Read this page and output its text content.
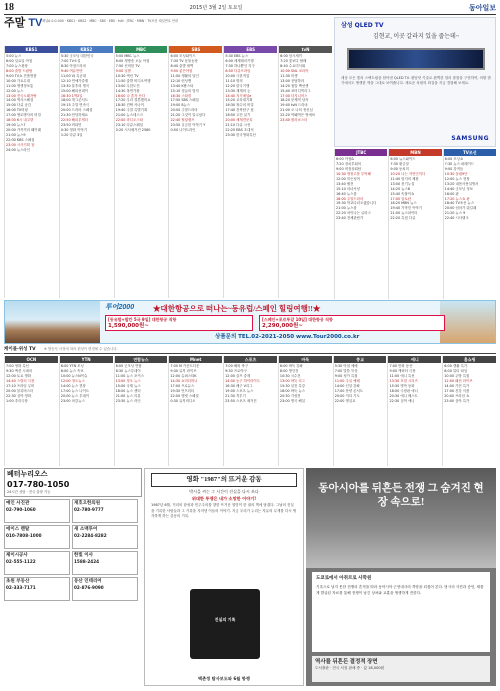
18	2015년 3월 2일 토요일	동아일보
주말 TV 채널A 0-0-000 · KBS1 · KBS2 · MBC · SBS · EBS · tvN · JTBC · MBN · TV조선 채널번호 안내
KBS1
5:00 뉴스
6:00 일요일 아침
7:00 뉴스광장
8:00 출발 드림팀
9:00 TV쇼 진품명품
10:00 가요무대
11:00 생생정보통
12:00 뉴스
13:00 전국노래자랑
14:00 역사스페셜
15:00 다큐 공감
16:00 TV비평
17:00 생로병사의 비밀
18:00 6시 내고향
19:00 뉴스7
20:00 가족끼리 왜이래
21:00 뉴스9
22:00 KBS 스페셜
23:00 시사기획 창
24:00 뉴스라인
KBS2
5:30 굿모닝 대한민국
7:00 TV소설
8:30 아침드라마
9:40 여유만만
11:00 VJ 특공대
12:10 연예가중계
13:30 불후의 명곡
15:00 해피선데이
16:30 1박2일
18:00 개그콘서트
19:15 주말 연속극
20:00 드라마 스페셜
21:30 안녕하세요
22:50 해피투게더
23:50 비타민
0:30 영화 이야기
1:20 다큐 3일
MBC
5:00 MBC 뉴스
6:00 생방송 오늘 아침
7:50 신비한 TV
9:00 일밤
10:30 섹션 TV
11:50 출발 비디오여행
13:00 무한도전
14:30 복면가왕
16:00 나 혼자 산다
17:20 우리 결혼했어요
18:30 진짜 사나이
19:40 주말 특별기획
21:00 뉴스데스크
22:00 라디오스타
23:10 다큐스페셜
0:20 시사매거진 2580
SBS
6:00 모닝와이드
7:30 TV 동물농장
8:40 출발 새벽
9:50 좋은아침
11:00 생활의 달인
12:10 런닝맨
13:40 K팝스타
15:10 정글의 법칙
16:30 스타킹
17:50 SBS 스페셜
19:00 8뉴스
20:00 주말드라마
21:20 그것이 알고싶다
22:40 힐링캠프
23:50 궁금한 이야기 Y
0:50 나이트라인
EBS
5:30 EBS 뉴스
6:00 세계테마기행
7:30 하나뿐인 지구
8:50 다큐프라임
10:00 극한직업
11:10 명의
12:20 한국기행
13:30 세계의 눈
14:40 지식채널e
15:20 교육대기획
16:30 장수의 비밀
17:40 건축탐구 집
18:50 고전 읽기
20:00 세계견문록
21:10 다큐 시선
22:20 EBS 초대석
23:30 한국영화특선
tvN
6:00 삼시세끼
7:20 꽃보다 할배
8:40 수요미식회
10:00 SNL 코리아
11:30 미생
13:00 응답하라
14:20 집밥 백선생
15:40 코미디빅리그
17:00 더지니어스
18:20 문제적 남자
19:40 tvN 드라마
21:00 오 나의 귀신님
22:20 막돼먹은 영애씨
23:40 롤러코스터
삼성 QLED TV
김현교, 이곳 갈라지 있을 줍는데~
세상 모든 빛의 스펙트럼을 담아낸 QLED TV. 퀀텀닷 기술로 완벽한 컬러 볼륨을 구현하여, 어떤 밝기에서도 생생한 색을 그대로 보여줍니다. 새로운 차원의 화질을 지금 경험해 보세요.
SAMSUNG
JTBC
6:00 아침&
7:20 정치부회의
9:00 비정상회담
10:30 냉장고를 부탁해
12:00 히든싱어
13:40 썰전
15:10 마녀사냥
16:40 뉴스룸
18:00 주말드라마
19:30 학교다녀오겠습니다
21:00 뉴스룸
22:20 차이나는 클라스
23:40 전체관람가
MBN
6:00 뉴스와이드
7:30 황금알
9:00 동치미
10:20 나는 자연인이다
11:40 엄지의 제왕
13:00 천기누설
14:20 뉴스8
15:40 속풀이쇼
17:00 알토란
18:20 MBN 뉴스
19:40 기막힌 이야기
21:00 뉴스파이터
22:20 특집 다큐
TV조선
6:00 모닝쇼
7:30 뉴스 퍼레이드
9:00 강적들
10:30 살림9단
12:00 뉴스 현장
13:20 내몸사용설명서
14:40 굿모닝 정보
16:00 판
17:20 뉴스쇼 판
18:40 TV조선 뉴스
20:00 엄마가 뭐길래
21:20 뉴스 9
22:40 시사탱크
투어2000	★대한항공으로 떠나는~동유럽/스페인 힐링여행!!★
[동유럽+발칸 5국 9일] 대한항공 직항
1,590,000원~
[스페인+포르투갈 10일] 대한항공 직항
2,290,000원~
상품문의 TEL.02-2021-2050 www.Tour2000.co.kr
케이블·위성 TV ※ 방송사 사정에 따라 편성이 변경될 수 있습니다.
OCN
7:00 영화 특선
9:30 액션 시네마
12:00 토요 명화
14:40 스릴러 극장
17:10 프라임 무비
20:00 블록버스터
22:30 심야 영화
1:00 추리극장
YTN
6:00 YTN 모닝
8:00 뉴스 속보
10:00 뉴스N이슈
12:00 정오뉴스
14:00 뉴스 현장
17:00 뉴스 나이트
20:00 뉴스 투데이
23:00 마감뉴스
연합뉴스
6:00 굿모닝 연합
8:30 뉴스투데이
11:00 뉴스 포커스
13:00 정오 뉴스
15:00 국제 뉴스
18:00 뉴스 센터
21:00 뉴스 리뷰
23:30 뉴스 라인
Mnet
7:00 M 카운트다운
9:30 뮤직 라이브
12:00 슈퍼스타K
14:30 쇼미더머니
17:00 프로듀스
19:30 언프리티
22:00 엠넷 스페셜
0:30 뮤직비디오
스포츠
7:00 해외 축구
9:30 프로야구
12:00 골프 중계
14:00 농구 하이라이트
16:30 배구 V리그
19:00 스포츠 뉴스
21:30 격투기
23:50 스포츠 매거진
바둑
6:00 바둑 강좌
8:00 명인전
10:30 국수전
13:00 바둑 리그
15:30 실전 특강
18:00 바둑 뉴스
20:30 기성전
23:00 명국 해설
종교
5:30 아침 예배
7:00 말씀 묵상
9:00 성가 특집
11:00 주일 예배
14:00 신앙 강좌
17:00 찬양 콘서트
20:00 저녁 기도
22:00 명설교
애니
7:00 만화 동산
9:00 캐릭터 극장
11:00 애니 특선
13:30 모험 시리즈
15:30 명작 동화
18:00 극장판 애니
20:30 애니 베스트
22:30 심야 애니
홈쇼핑
6:00 생활 특가
8:00 뷰티 타임
10:00 주방 특집
12:00 패션 라이브
14:00 가전 특가
17:00 건강 식품
20:00 프라임 쇼
23:00 심야 특가
베터누리오스
017-780-1050
24시간 상담 · 전국 출장 가능
예인 사진관
02-790-1060
재호오한의원
02-780-9777
에이스 렌탈
010-7808-1000
새 소맥투어
02-2284-8282
제이시공사
02-555-1122
한빛 이사
1588-2424
초원 부동산
02-333-7171
동산 인테리어
02-876-9090
영화 "1987"의 뜨거운 감동
박시을 씨는 그 시간이 진실을 다시 쓰다
위대한 투쟁은 내가 소망한 이야기!
1987년 6월, 거리의 함성과 민주주의를 향한 뜨거운 열망이 한 권의 책에 담겼다. 그날의 진실을 기록한 사람들과 그 기록을 지켜낸 이들의 이야기. 지금 우리가 누리는 자유의 무게를 다시 생각하게 하는 감동의 기록.
진실의 기록
백촌정 탐사보도와 6월 항쟁
동아시아를 뒤흔든 전쟁 그 숨겨진 현장 속으로!
도쿄로에서 아쥐르로 사학원
기록으로 남지 못한 전쟁의 흔적을 따라 동아시아 근현대사의 격랑을 되짚어 본다. 당시의 사진과 증언, 새롭게 발굴된 자료를 통해 전쟁이 남긴 상처와 교훈을 생생하게 전한다.
역사를 뒤흔든 결정적 장면
도서출판 · 전국 서점 판매 중 · 값 18,000원
